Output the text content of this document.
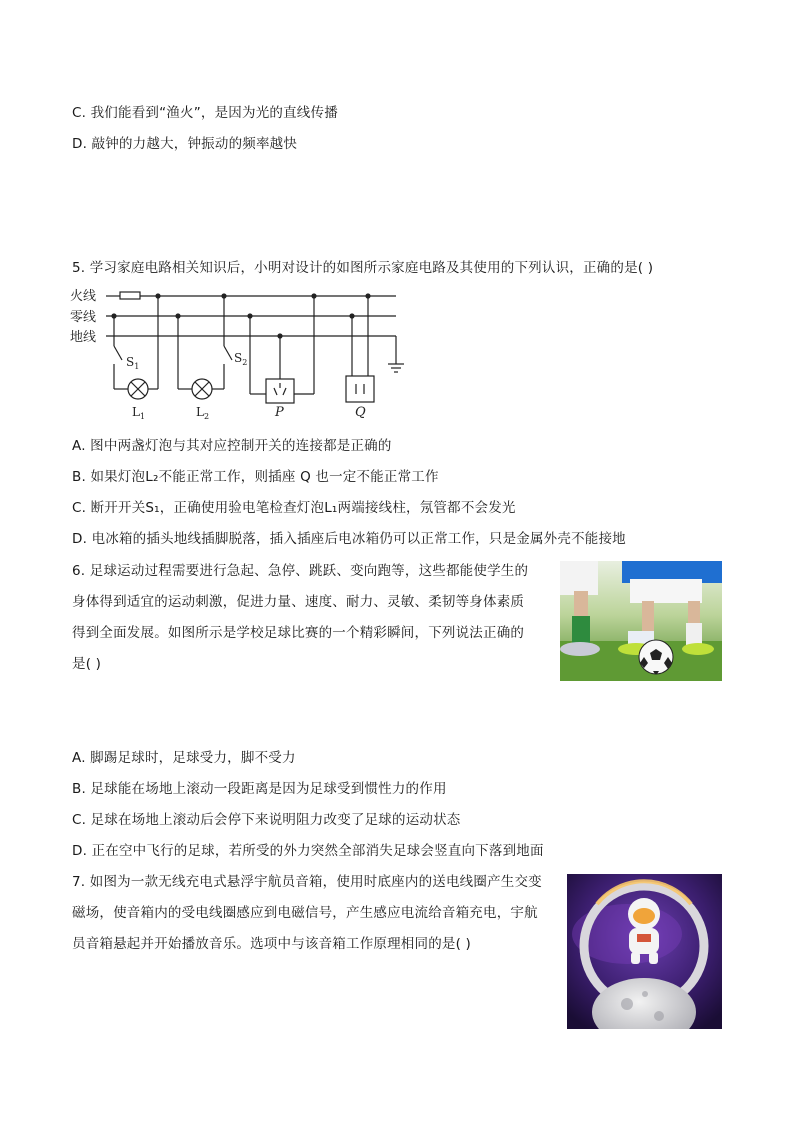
C. 我们能看到“渔火”，是因为光的直线传播
D. 敲钟的力越大，钟振动的频率越快
5. 学习家庭电路相关知识后，小明对设计的如图所示家庭电路及其使用的下列认识，正确的是( )
火线
零线
地线
$S_1$
$L_1$
$S_2$
$L_2$	P	Q
A. 图中两盏灯泡与其对应控制开关的连接都是正确的
B. 如果灯泡L₂不能正常工作，则插座 Q 也一定不能正常工作
C. 断开开关S₁，正确使用验电笔检查灯泡L₁两端接线柱，氖管都不会发光
D. 电冰箱的插头地线插脚脱落，插入插座后电冰箱仍可以正常工作，只是金属外壳不能接地
6. 足球运动过程需要进行急起、急停、跳跃、变向跑等，这些都能使学生的
身体得到适宜的运动刺激，促进力量、速度、耐力、灵敏、柔韧等身体素质
得到全面发展。如图所示是学校足球比赛的一个精彩瞬间，下列说法正确的
是( )
A. 脚踢足球时，足球受力，脚不受力
B. 足球能在场地上滚动一段距离是因为足球受到惯性力的作用
C. 足球在场地上滚动后会停下来说明阻力改变了足球的运动状态
D. 正在空中飞行的足球，若所受的外力突然全部消失足球会竖直向下落到地面
7. 如图为一款无线充电式悬浮宇航员音箱，使用时底座内的送电线圈产生交变
磁场，使音箱内的受电线圈感应到电磁信号，产生感应电流给音箱充电，宇航
员音箱悬起并开始播放音乐。选项中与该音箱工作原理相同的是( )
